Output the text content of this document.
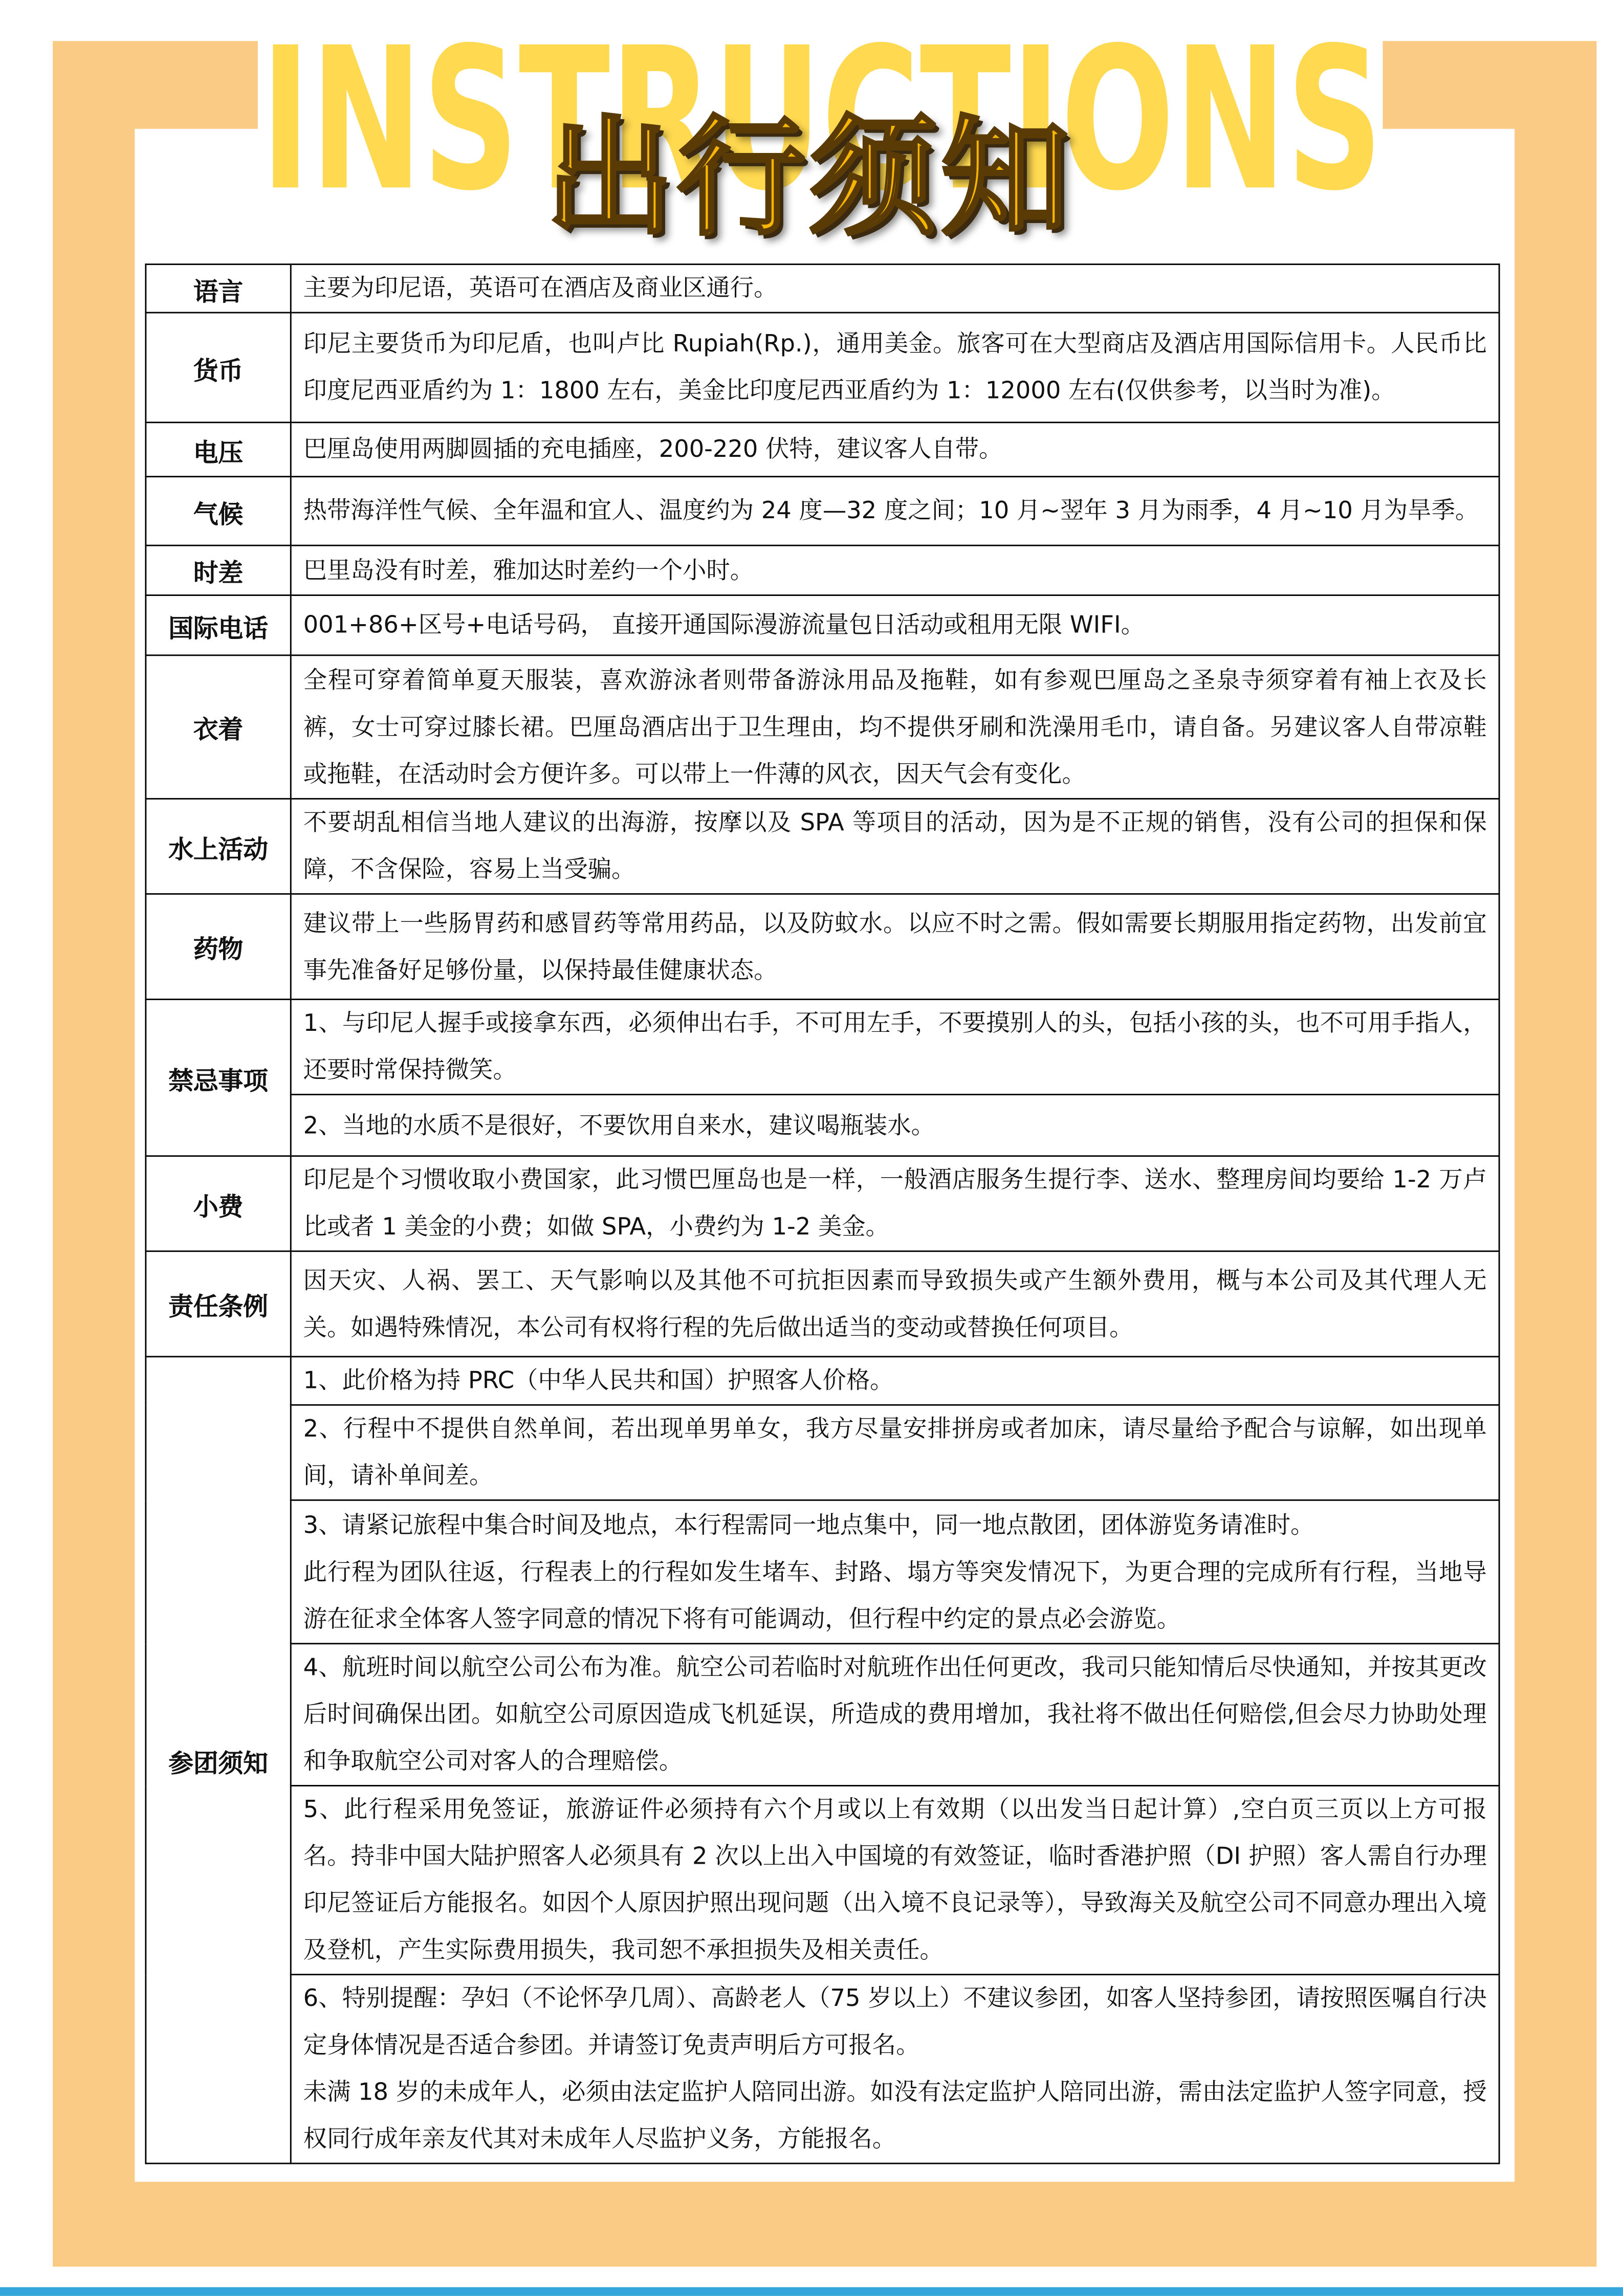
INSTRUCTIONS
出行须知
语言	主要为印尼语，英语可在酒店及商业区通行。
货币	印尼主要货币为印尼盾，也叫卢比 Rupiah(Rp.)，通用美金。旅客可在大型商店及酒店用国际信用卡。人民币比印度尼西亚盾约为 1：1800 左右，美金比印度尼西亚盾约为 1：12000 左右(仅供参考，以当时为准)。
电压	巴厘岛使用两脚圆插的充电插座，200-220 伏特，建议客人自带。
气候	热带海洋性气候、全年温和宜人、温度约为 24 度—32 度之间；10 月~翌年 3 月为雨季，4 月~10 月为旱季。
时差	巴里岛没有时差，雅加达时差约一个小时。
国际电话	001+86+区号+电话号码， 直接开通国际漫游流量包日活动或租用无限 WIFI。
衣着	全程可穿着简单夏天服装，喜欢游泳者则带备游泳用品及拖鞋，如有参观巴厘岛之圣泉寺须穿着有袖上衣及长裤，女士可穿过膝长裙。巴厘岛酒店出于卫生理由，均不提供牙刷和洗澡用毛巾，请自备。另建议客人自带凉鞋或拖鞋，在活动时会方便许多。可以带上一件薄的风衣，因天气会有变化。
水上活动	不要胡乱相信当地人建议的出海游，按摩以及 SPA 等项目的活动，因为是不正规的销售，没有公司的担保和保障，不含保险，容易上当受骗。
药物	建议带上一些肠胃药和感冒药等常用药品，以及防蚊水。以应不时之需。假如需要长期服用指定药物，出发前宜事先准备好足够份量，以保持最佳健康状态。
禁忌事项	1、与印尼人握手或接拿东西，必须伸出右手，不可用左手，不要摸别人的头，包括小孩的头，也不可用手指人，还要时常保持微笑。
	2、当地的水质不是很好，不要饮用自来水，建议喝瓶装水。
小费	印尼是个习惯收取小费国家，此习惯巴厘岛也是一样，一般酒店服务生提行李、送水、整理房间均要给 1-2 万卢比或者 1 美金的小费；如做 SPA，小费约为 1-2 美金。
责任条例	因天灾、人祸、罢工、天气影响以及其他不可抗拒因素而导致损失或产生额外费用，概与本公司及其代理人无关。如遇特殊情况，本公司有权将行程的先后做出适当的变动或替换任何项目。
参团须知	1、此价格为持 PRC（中华人民共和国）护照客人价格。

	2、行程中不提供自然单间，若出现单男单女，我方尽量安排拼房或者加床，请尽量给予配合与谅解，如出现单间，请补单间差。

	3、请紧记旅程中集合时间及地点，本行程需同一地点集中，同一地点散团，团体游览务请准时。
此行程为团队往返，行程表上的行程如发生堵车、封路、塌方等突发情况下，为更合理的完成所有行程，当地导游在征求全体客人签字同意的情况下将有可能调动，但行程中约定的景点必会游览。

	4、航班时间以航空公司公布为准。航空公司若临时对航班作出任何更改，我司只能知情后尽快通知，并按其更改后时间确保出团。如航空公司原因造成飞机延误，所造成的费用增加，我社将不做出任何赔偿,但会尽力协助处理和争取航空公司对客人的合理赔偿。

	5、此行程采用免签证，旅游证件必须持有六个月或以上有效期（以出发当日起计算）,空白页三页以上方可报名。持非中国大陆护照客人必须具有 2 次以上出入中国境的有效签证，临时香港护照（DI 护照）客人需自行办理印尼签证后方能报名。如因个人原因护照出现问题（出入境不良记录等），导致海关及航空公司不同意办理出入境及登机，产生实际费用损失，我司恕不承担损失及相关责任。

	6、特别提醒：孕妇（不论怀孕几周）、高龄老人（75 岁以上）不建议参团，如客人坚持参团，请按照医嘱自行决定身体情况是否适合参团。并请签订免责声明后方可报名。
未满 18 岁的未成年人，必须由法定监护人陪同出游。如没有法定监护人陪同出游，需由法定监护人签字同意，授权同行成年亲友代其对未成年人尽监护义务，方能报名。
